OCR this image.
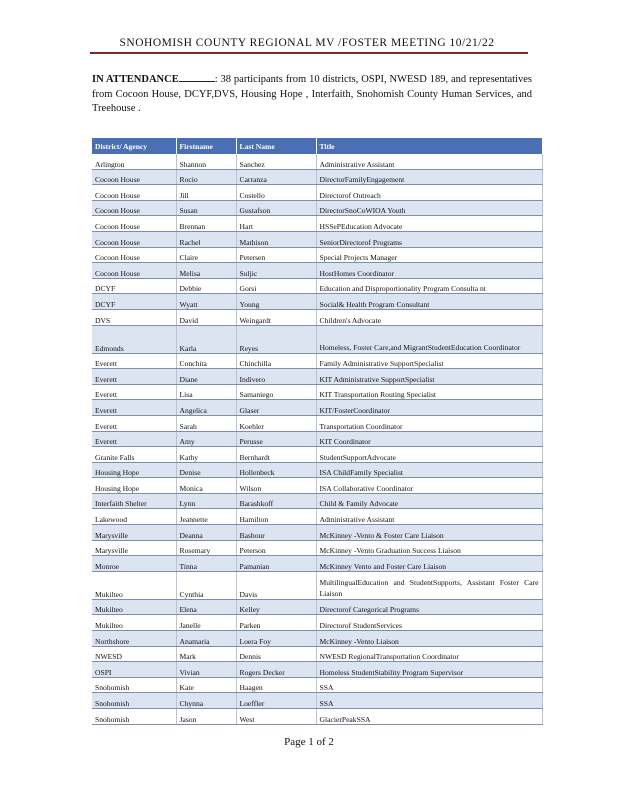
SNOHOMISH COUNTY REGIONAL MV /FOSTER MEETING 10/21/22
IN ATTENDANCE	: 38 participants from 10 districts, OSPI, NWESD 189, and representatives from Cocoon House, DCYF,DVS, Housing Hope , Interfaith, Snohomish County Human Services, and Treehouse .
District/ Agency	Firstname	Last Name	Title
Arlington	Shannon	Sanchez	Administrative Assistant
Cocoon House	Rocio	Carranza	DirectorFamilyEngagement
Cocoon House	Jill	Costello	Directorof Outreach
Cocoon House	Susan	Gustafson	DirectorSnoCoWIOA Youth
Cocoon House	Brennan	Hart	HSSePEducation Advocate
Cocoon House	Rachel	Mathison	SeniorDirectorof Programs
Cocoon House	Claire	Petersen	Special Projects Manager
Cocoon House	Melisa	Suljic	HostHomes Coordinator
DCYF	Debbie	Gorsi	Education and Disproportionality Program Consulta nt
DCYF	Wyatt	Young	Social& Health Program Consultant
DVS	David	Weingardt	Children's Advocate
Edmonds	Karla	Reyes	Homeless, Foster Care,and MigrantStudentEducation Coordinator
Everett	Conchita	Chinchilla	Family Administrative SupportSpecialist
Everett	Diane	Indivero	KIT Administrative SupportSpecialist
Everett	Lisa	Samaniego	KIT Transportation Routing Specialist
Everett	Angelica	Glaser	KIT/FosterCoordinator
Everett	Sarah	Koehler	Transportation Coordinator
Everett	Amy	Perusse	KIT Coordinator
Granite Falls	Kathy	Bernhardt	StudentSupportAdvocate
Housing Hope	Denise	Hollenbeck	ISA ChildFamily Specialist
Housing Hope	Monica	Wilson	ISA Collaborative Coordinator
Interfaith Shelter	Lynn	Barashkoff	Child & Family Advocate
Lakewood	Jeannette	Hamilton	Administrative Assistant
Marysville	Deanna	Bashour	McKinney -Vento & Foster Care Liaison
Marysville	Rosemary	Peterson	McKinney -Vento Graduation Success Liaison
Monroe	Tinna	Pamanian	McKinney Vento and Foster Care Liaison
Mukilteo	Cynthia	Davis	MultilingualEducation and StudentSupports, Assistant Foster Care Liaison
Mukilteo	Elena	Kelley	Directorof Categorical Programs
Mukilteo	Janelle	Parken	Directorof StudentServices
Northshore	Anamaria	Loera Foy	McKinney -Vento Liaison
NWESD	Mark	Dennis	NWESD RegionalTransportation Coordinator
OSPI	Vivian	Rogers Decker	Homeless StudentStability Program Supervisor
Snohomish	Kate	Haagen	SSA
Snohomish	Chynna	Loeffler	SSA
Snohomish	Jason	West	GlacierPeakSSA
Page 1 of 2
